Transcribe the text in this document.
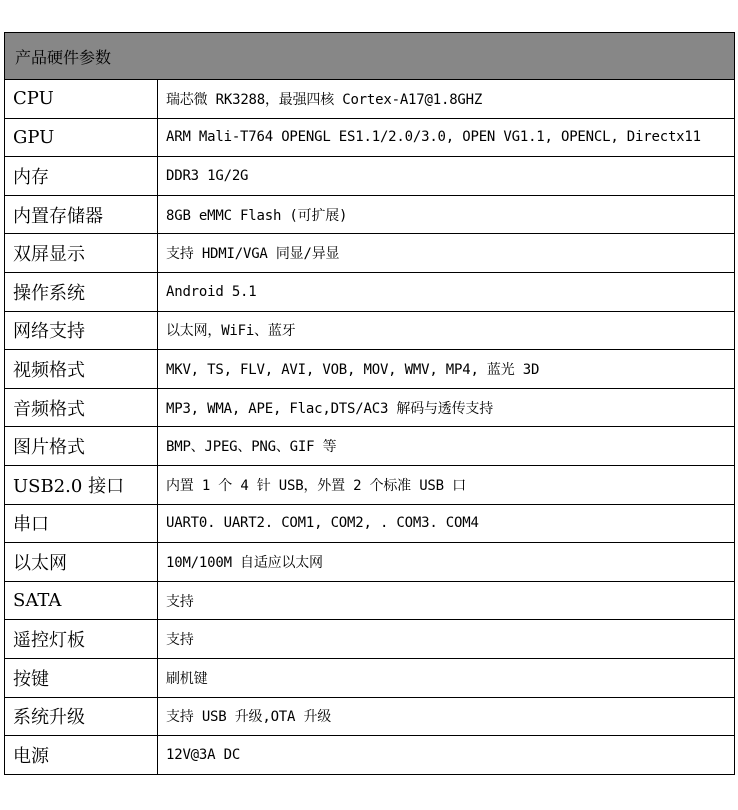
产品硬件参数	
CPU	瑞芯微 RK3288，最强四核 Cortex-A17@1.8GHZ
GPU	ARM Mali-T764 OPENGL ES1.1/2.0/3.0, OPEN VG1.1, OPENCL, Directx11
内存	DDR3 1G/2G
内置存储器	8GB eMMC Flash (可扩展)
双屏显示	支持 HDMI/VGA 同显/异显
操作系统	Android 5.1
网络支持	以太网，WiFi、蓝牙
视频格式	MKV, TS, FLV, AVI, VOB, MOV, WMV, MP4, 蓝光 3D
音频格式	MP3, WMA, APE, Flac,DTS/AC3 解码与透传支持
图片格式	BMP、JPEG、PNG、GIF 等
USB2.0 接口	内置 1 个 4 针 USB，外置 2 个标准 USB 口
串口	UART0. UART2. COM1, COM2, . COM3. COM4
以太网	10M/100M 自适应以太网
SATA	支持
遥控灯板	支持
按键	刷机键
系统升级	支持 USB 升级,OTA 升级
电源	12V@3A DC
